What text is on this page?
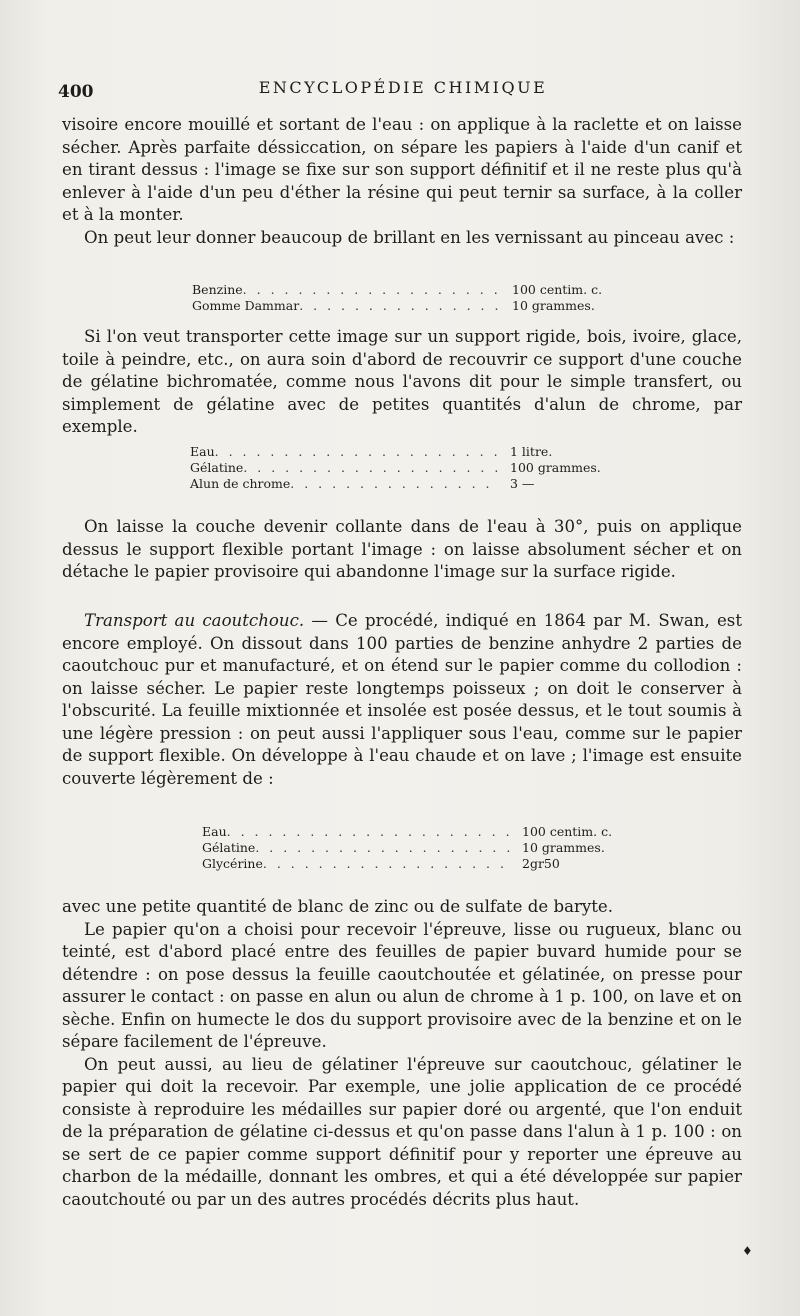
400	ENCYCLOPÉDIE CHIMIQUE

visoire encore mouillé et sortant de l'eau : on applique à la raclette et on laisse sécher. Après parfaite déssiccation, on sépare les papiers à l'aide d'un canif et en tirant dessus : l'image se fixe sur son support définitif et il ne reste plus qu'à enlever à l'aide d'un peu d'éther la résine qui peut ternir sa surface, à la coller et à la monter.

On peut leur donner beaucoup de brillant en les vernissant au pinceau avec :

Benzine . . .	100 centim. c.
Gomme Dammar . . .	10 grammes.

Si l'on veut transporter cette image sur un support rigide, bois, ivoire, glace, toile à peindre, etc., on aura soin d'abord de recouvrir ce support d'une couche de gélatine bichromatée, comme nous l'avons dit pour le simple transfert, ou simplement de gélatine avec de petites quantités d'alun de chrome, par exemple.

Eau . . .	1 litre.
Gélatine . . .	100 grammes.
Alun de chrome . . .	3 —

On laisse la couche devenir collante dans de l'eau à 30°, puis on applique dessus le support flexible portant l'image : on laisse absolument sécher et on détache le papier provisoire qui abandonne l'image sur la surface rigide.

Transport au caoutchouc. — Ce procédé, indiqué en 1864 par M. Swan, est encore employé. On dissout dans 100 parties de benzine anhydre 2 parties de caoutchouc pur et manufacturé, et on étend sur le papier comme du collodion : on laisse sécher. Le papier reste longtemps poisseux ; on doit le conserver à l'obscurité. La feuille mixtionnée et insolée est posée dessus, et le tout soumis à une légère pression : on peut aussi l'appliquer sous l'eau, comme sur le papier de support flexible. On développe à l'eau chaude et on lave ; l'image est ensuite couverte légèrement de :

Eau . . .	100 centim. c.
Gélatine . . .	10 grammes.
Glycérine . . .	2gr50

avec une petite quantité de blanc de zinc ou de sulfate de baryte.

Le papier qu'on a choisi pour recevoir l'épreuve, lisse ou rugueux, blanc ou teinté, est d'abord placé entre des feuilles de papier buvard humide pour se détendre : on pose dessus la feuille caoutchoutée et gélatinée, on presse pour assurer le contact : on passe en alun ou alun de chrome à 1 p. 100, on lave et on sèche. Enfin on humecte le dos du support provisoire avec de la benzine et on le sépare facilement de l'épreuve.

On peut aussi, au lieu de gélatiner l'épreuve sur caoutchouc, gélatiner le papier qui doit la recevoir. Par exemple, une jolie application de ce procédé consiste à reproduire les médailles sur papier doré ou argenté, que l'on enduit de la préparation de gélatine ci-dessus et qu'on passe dans l'alun à 1 p. 100 : on se sert de ce papier comme support définitif pour y reporter une épreuve au charbon de la médaille, donnant les ombres, et qui a été développée sur papier caoutchouté ou par un des autres procédés décrits plus haut.

♦
